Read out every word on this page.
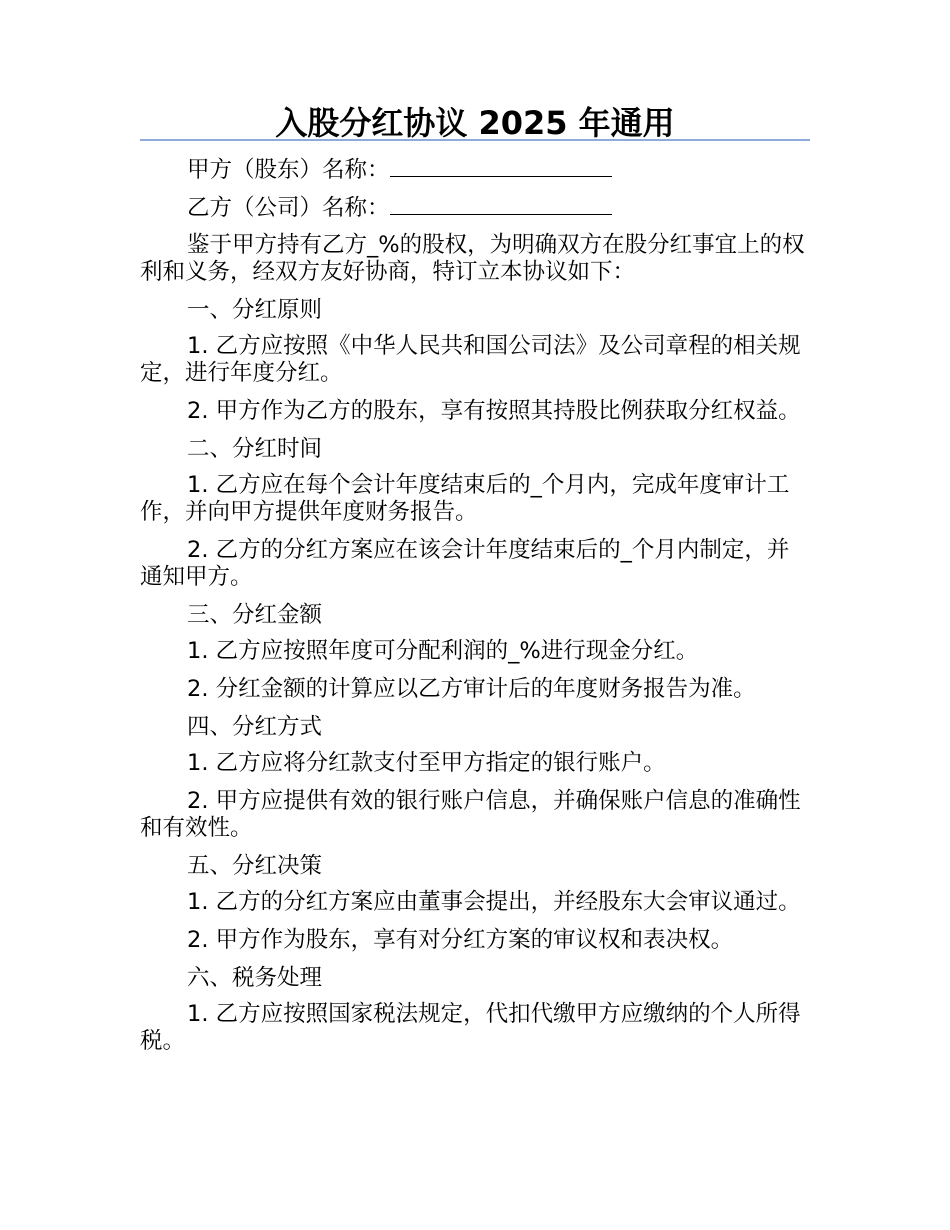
入股分红协议 2025 年通用

甲方（股东）名称：

乙方（公司）名称：

鉴于甲方持有乙方_%的股权，为明确双方在股分红事宜上的权利和义务，经双方友好协商，特订立本协议如下：

一、分红原则

1. 乙方应按照《中华人民共和国公司法》及公司章程的相关规定，进行年度分红。

2. 甲方作为乙方的股东，享有按照其持股比例获取分红权益。

二、分红时间

1. 乙方应在每个会计年度结束后的_个月内，完成年度审计工作，并向甲方提供年度财务报告。

2. 乙方的分红方案应在该会计年度结束后的_个月内制定，并通知甲方。

三、分红金额

1. 乙方应按照年度可分配利润的_%进行现金分红。

2. 分红金额的计算应以乙方审计后的年度财务报告为准。

四、分红方式

1. 乙方应将分红款支付至甲方指定的银行账户。

2. 甲方应提供有效的银行账户信息，并确保账户信息的准确性和有效性。

五、分红决策

1. 乙方的分红方案应由董事会提出，并经股东大会审议通过。

2. 甲方作为股东，享有对分红方案的审议权和表决权。

六、税务处理

1. 乙方应按照国家税法规定，代扣代缴甲方应缴纳的个人所得税。
